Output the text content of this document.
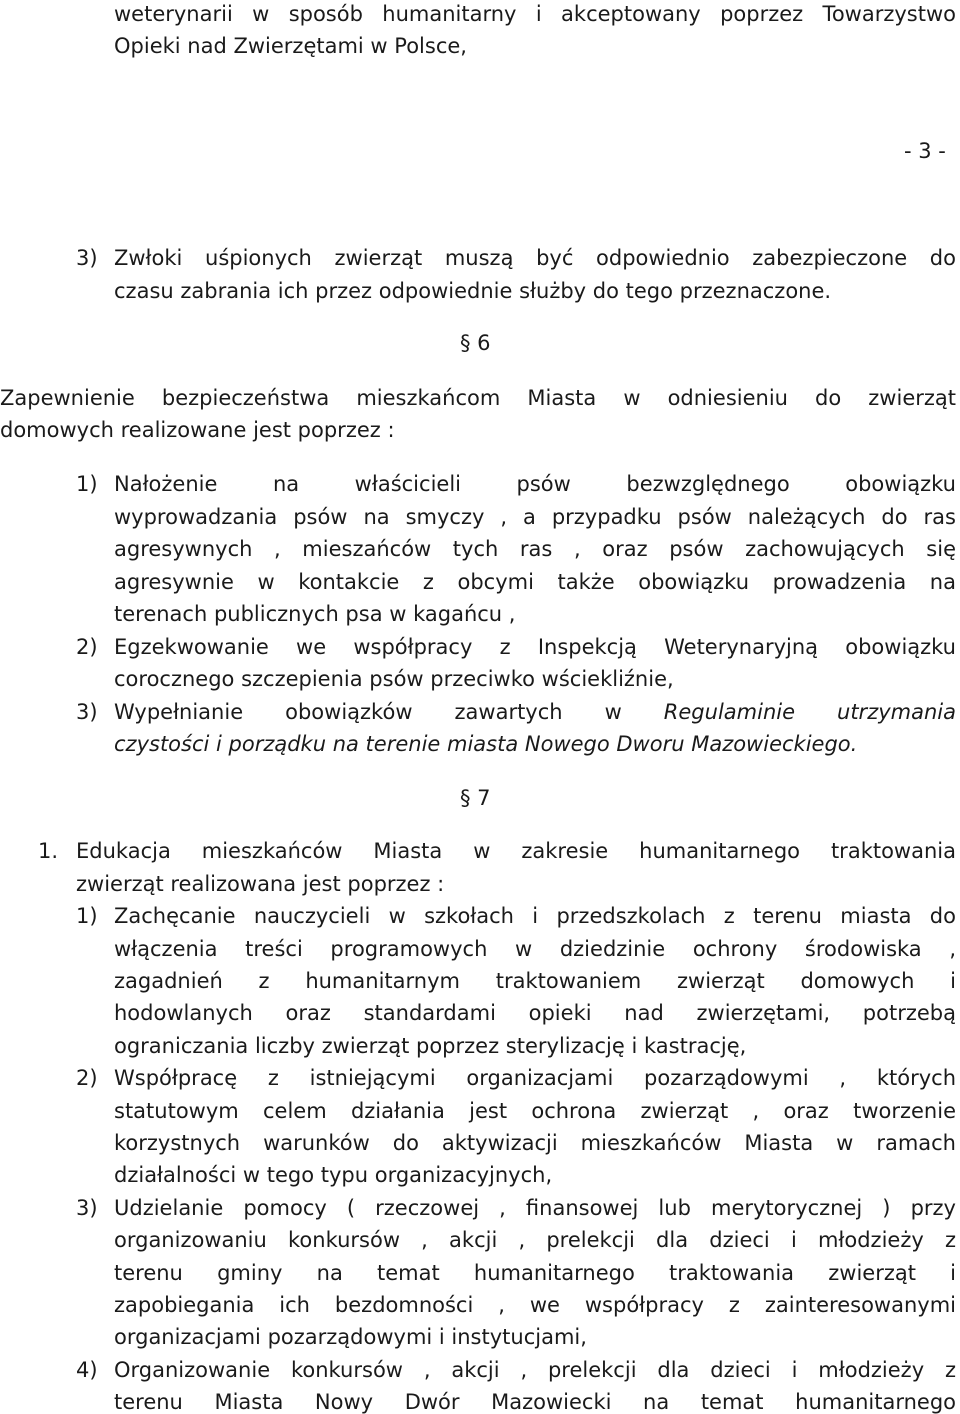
weterynarii w sposób humanitarny i akceptowany poprzez Towarzystwo
Opieki nad Zwierzętami w Polsce,
- 3 -
3) Zwłoki uśpionych zwierząt muszą być odpowiednio zabezpieczone do
czasu zabrania ich przez odpowiednie służby do tego przeznaczone.
§ 6
Zapewnienie bezpieczeństwa mieszkańcom Miasta w odniesieniu do zwierząt
domowych realizowane jest poprzez :
1) Nałożenie na właścicieli psów bezwzględnego obowiązku
wyprowadzania psów na smyczy , a przypadku psów należących do ras
agresywnych , mieszańców tych ras , oraz psów zachowujących się
agresywnie w kontakcie z obcymi także obowiązku prowadzenia na
terenach publicznych psa w kagańcu ,
2) Egzekwowanie we współpracy z Inspekcją Weterynaryjną obowiązku
corocznego szczepienia psów przeciwko wściekliźnie,
3) Wypełnianie obowiązków zawartych w Regulaminie utrzymania
czystości i porządku na terenie miasta Nowego Dworu Mazowieckiego.
§ 7
1. Edukacja mieszkańców Miasta w zakresie humanitarnego traktowania
zwierząt realizowana jest poprzez :
1) Zachęcanie nauczycieli w szkołach i przedszkolach z terenu miasta do
włączenia treści programowych w dziedzinie ochrony środowiska ,
zagadnień z humanitarnym traktowaniem zwierząt domowych i
hodowlanych oraz standardami opieki nad zwierzętami, potrzebą
ograniczania liczby zwierząt poprzez sterylizację i kastrację,
2) Współpracę z istniejącymi organizacjami pozarządowymi , których
statutowym celem działania jest ochrona zwierząt , oraz tworzenie
korzystnych warunków do aktywizacji mieszkańców Miasta w ramach
działalności w tego typu organizacyjnych,
3) Udzielanie pomocy ( rzeczowej , finansowej lub merytorycznej ) przy
organizowaniu konkursów , akcji , prelekcji dla dzieci i młodzieży z
terenu gminy na temat humanitarnego traktowania zwierząt i
zapobiegania ich bezdomności , we współpracy z zainteresowanymi
organizacjami pozarządowymi i instytucjami,
4) Organizowanie konkursów , akcji , prelekcji dla dzieci i młodzieży z
terenu Miasta Nowy Dwór Mazowiecki na temat humanitarnego
